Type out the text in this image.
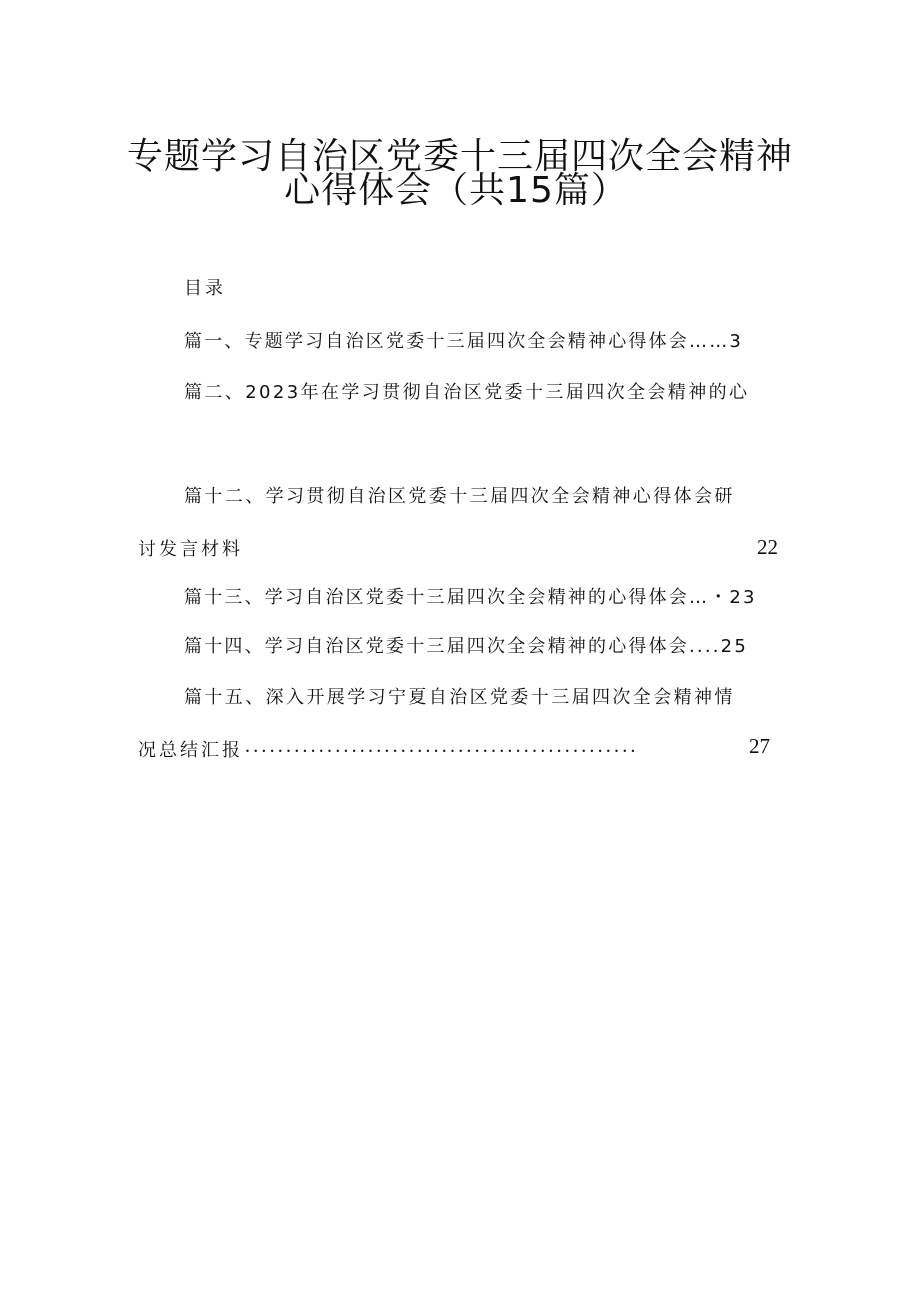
专题学习自治区党委十三届四次全会精神
心得体会（共15篇）
目录
篇一、专题学习自治区党委十三届四次全会精神心得体会……3
篇二、2023年在学习贯彻自治区党委十三届四次全会精神的心
篇十二、学习贯彻自治区党委十三届四次全会精神心得体会研
讨发言材料	22
篇十三、学习自治区党委十三届四次全会精神的心得体会…・23
篇十四、学习自治区党委十三届四次全会精神的心得体会....25
篇十五、深入开展学习宁夏自治区党委十三届四次全会精神情
况总结汇报 ................................................	27
